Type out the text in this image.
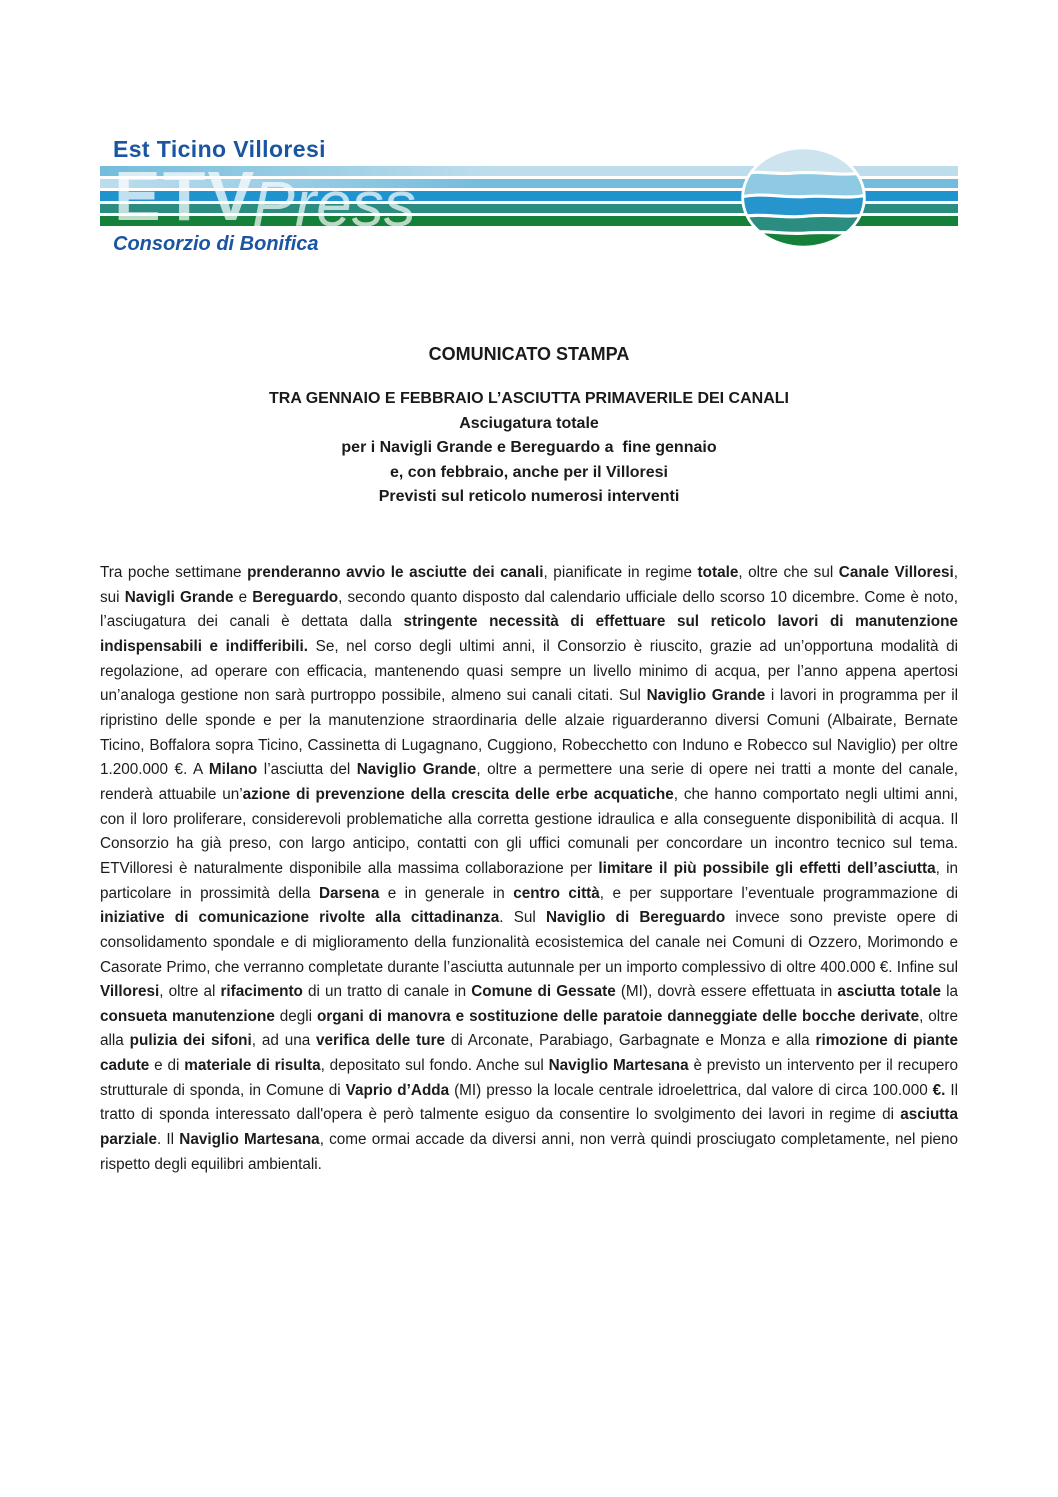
Est Ticino Villoresi
ETV
Press
Consorzio di Bonifica
COMUNICATO STAMPA
TRA GENNAIO E FEBBRAIO L’ASCIUTTA PRIMAVERILE DEI CANALI
Asciugatura totale
per i Navigli Grande e Bereguardo a  fine gennaio
e, con febbraio, anche per il Villoresi
Previsti sul reticolo numerosi interventi

Tra poche settimane prenderanno avvio le asciutte dei canali, pianificate in regime totale, oltre che sul Canale Villoresi, sui Navigli Grande e Bereguardo, secondo quanto disposto dal calendario ufficiale dello scorso 10 dicembre. Come è noto, l’asciugatura dei canali è dettata dalla stringente necessità di effettuare sul reticolo lavori di manutenzione indispensabili e indifferibili. Se, nel corso degli ultimi anni, il Consorzio è riuscito, grazie ad un’opportuna modalità di regolazione, ad operare con efficacia, mantenendo quasi sempre un livello minimo di acqua, per l’anno appena apertosi un’analoga gestione non sarà purtroppo possibile, almeno sui canali citati. Sul Naviglio Grande i lavori in programma per il ripristino delle sponde e per la manutenzione straordinaria delle alzaie riguarderanno diversi Comuni (Albairate, Bernate Ticino, Boffalora sopra Ticino, Cassinetta di Lugagnano, Cuggiono, Robecchetto con Induno e Robecco sul Naviglio) per oltre 1.200.000 €. A Milano l’asciutta del Naviglio Grande, oltre a permettere una serie di opere nei tratti a monte del canale, renderà attuabile un’azione di prevenzione della crescita delle erbe acquatiche, che hanno comportato negli ultimi anni, con il loro proliferare, considerevoli problematiche alla corretta gestione idraulica e alla conseguente disponibilità di acqua. Il Consorzio ha già preso, con largo anticipo, contatti con gli uffici comunali per concordare un incontro tecnico sul tema. ETVilloresi è naturalmente disponibile alla massima collaborazione per limitare il più possibile gli effetti dell’asciutta, in particolare in prossimità della Darsena e in generale in centro città, e per supportare l’eventuale programmazione di iniziative di comunicazione rivolte alla cittadinanza. Sul Naviglio di Bereguardo invece sono previste opere di consolidamento spondale e di miglioramento della funzionalità ecosistemica del canale nei Comuni di Ozzero, Morimondo e Casorate Primo, che verranno completate durante l’asciutta autunnale per un importo complessivo di oltre 400.000 €. Infine sul Villoresi, oltre al rifacimento di un tratto di canale in Comune di Gessate (MI), dovrà essere effettuata in asciutta totale la consueta manutenzione degli organi di manovra e sostituzione delle paratoie danneggiate delle bocche derivate, oltre alla pulizia dei sifoni, ad una verifica delle ture di Arconate, Parabiago, Garbagnate e Monza e alla rimozione di piante cadute e di materiale di risulta, depositato sul fondo. Anche sul Naviglio Martesana è previsto un intervento per il recupero strutturale di sponda, in Comune di Vaprio d’Adda (MI) presso la locale centrale idroelettrica, dal valore di circa 100.000 €. Il tratto di sponda interessato dall'opera è però talmente esiguo da consentire lo svolgimento dei lavori in regime di asciutta parziale. Il Naviglio Martesana, come ormai accade da diversi anni, non verrà quindi prosciugato completamente, nel pieno rispetto degli equilibri ambientali.
